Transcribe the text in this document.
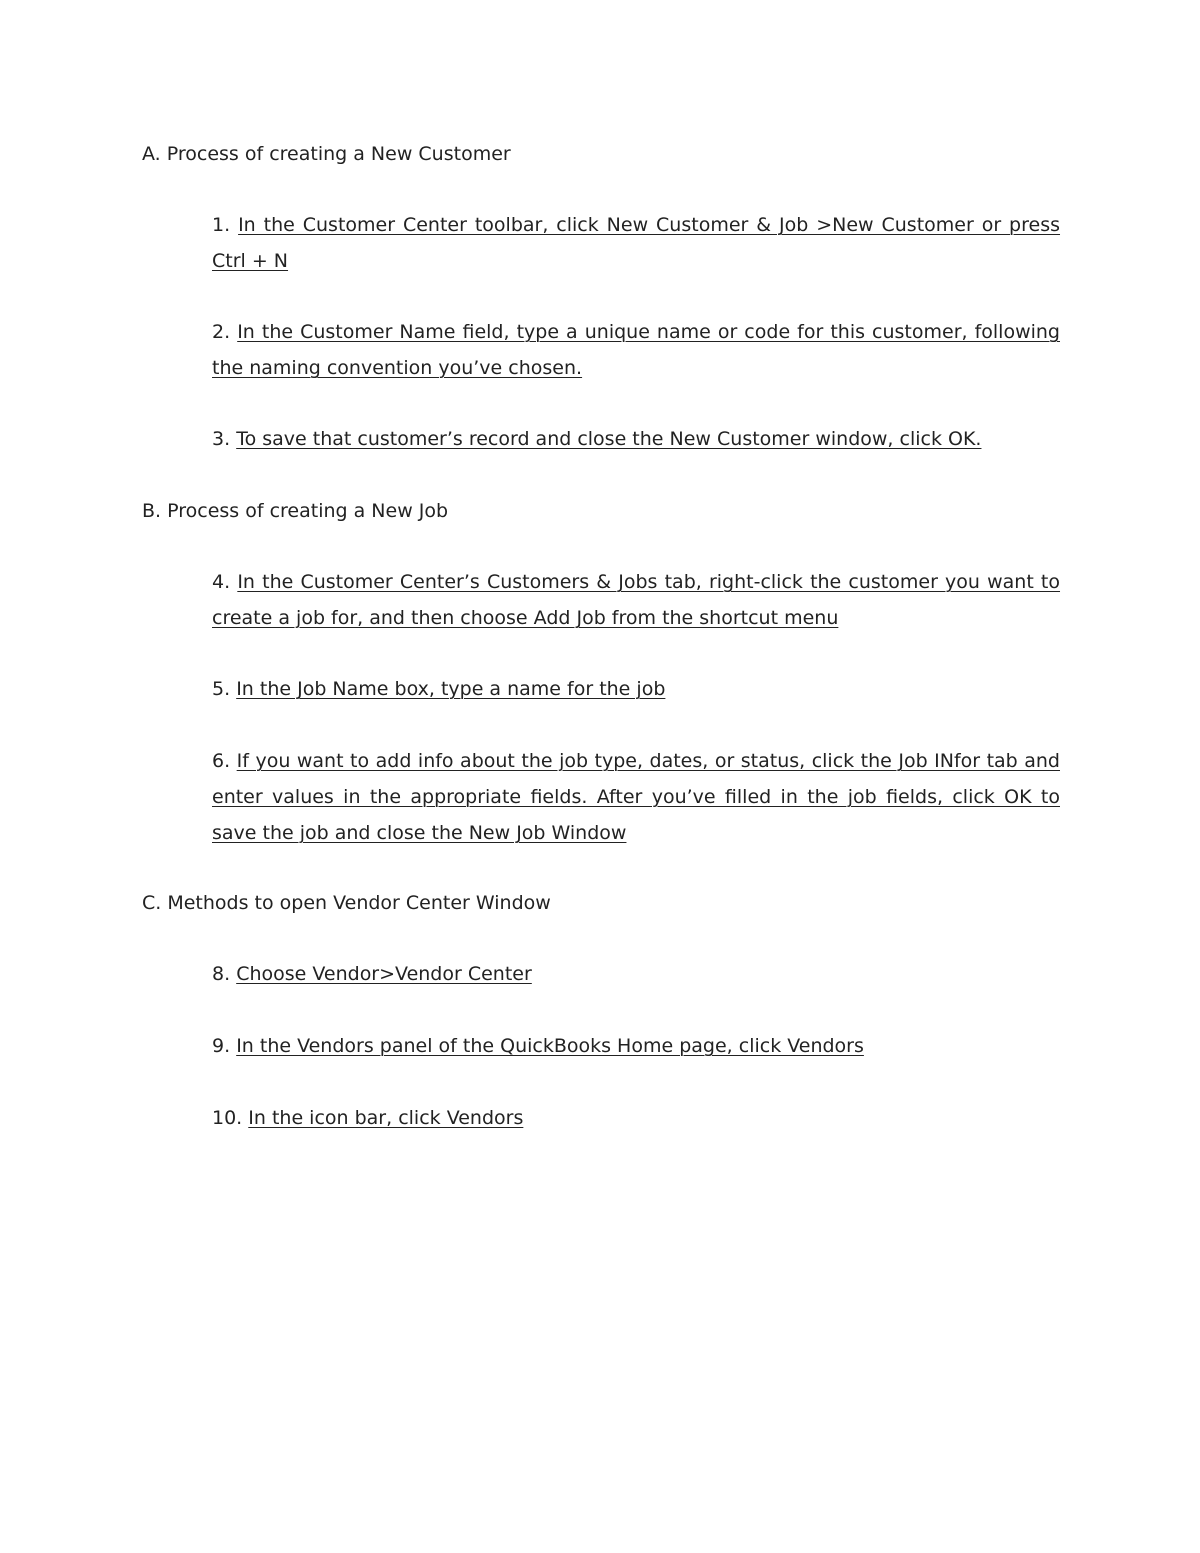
A. Process of creating a New Customer

1. In the Customer Center toolbar, click New Customer & Job >New Customer or press Ctrl + N

2. In the Customer Name field, type a unique name or code for this customer, following the naming convention you’ve chosen.

3. To save that customer’s record and close the New Customer window, click OK.

B. Process of creating a New Job

4. In the Customer Center’s Customers & Jobs tab, right-click the customer you want to create a job for, and then choose Add Job from the shortcut menu

5. In the Job Name box, type a name for the job

6. If you want to add info about the job type, dates, or status, click the Job INfor tab and enter values in the appropriate fields. After you’ve filled in the job fields, click OK to save the job and close the New Job Window

C. Methods to open Vendor Center Window

8. Choose Vendor>Vendor Center

9. In the Vendors panel of the QuickBooks Home page, click Vendors

10. In the icon bar, click Vendors
